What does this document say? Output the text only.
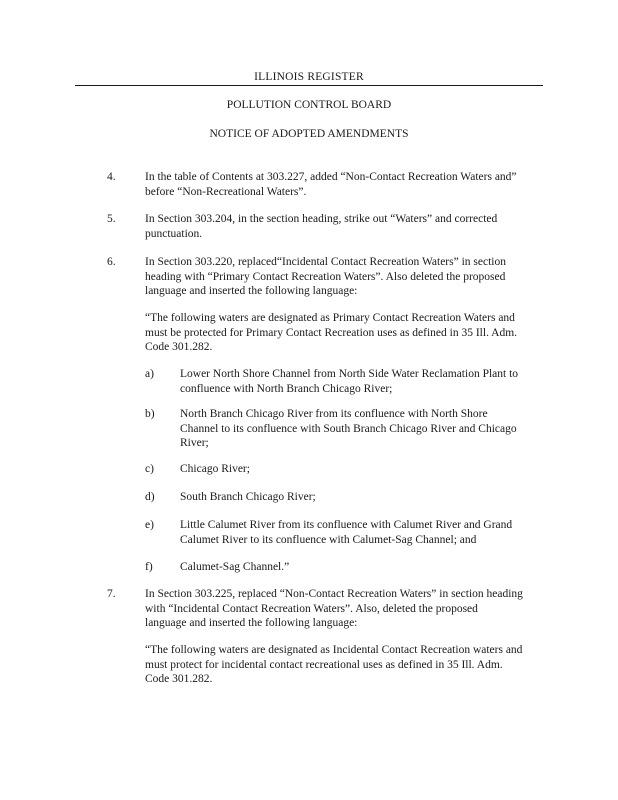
ILLINOIS REGISTER
POLLUTION CONTROL BOARD
NOTICE OF ADOPTED AMENDMENTS
4.	In the table of Contents at 303.227, added “Non-Contact Recreation Waters and”
before “Non-Recreational Waters”.
5.	In Section 303.204, in the section heading, strike out “Waters” and corrected
punctuation.
6.	In Section 303.220, replaced“Incidental Contact Recreation Waters” in section
heading with “Primary Contact Recreation Waters”. Also deleted the proposed
language and inserted the following language:
“The following waters are designated as Primary Contact Recreation Waters and
must be protected for Primary Contact Recreation uses as defined in 35 Ill. Adm.
Code 301.282.
a)	Lower North Shore Channel from North Side Water Reclamation Plant to
confluence with North Branch Chicago River;
b)	North Branch Chicago River from its confluence with North Shore
Channel to its confluence with South Branch Chicago River and Chicago
River;
c)	Chicago River;
d)	South Branch Chicago River;
e)	Little Calumet River from its confluence with Calumet River and Grand
Calumet River to its confluence with Calumet-Sag Channel; and
f)	Calumet-Sag Channel.”
7.	In Section 303.225, replaced “Non-Contact Recreation Waters” in section heading
with “Incidental Contact Recreation Waters”. Also, deleted the proposed
language and inserted the following language:
“The following waters are designated as Incidental Contact Recreation waters and
must protect for incidental contact recreational uses as defined in 35 Ill. Adm.
Code 301.282.
